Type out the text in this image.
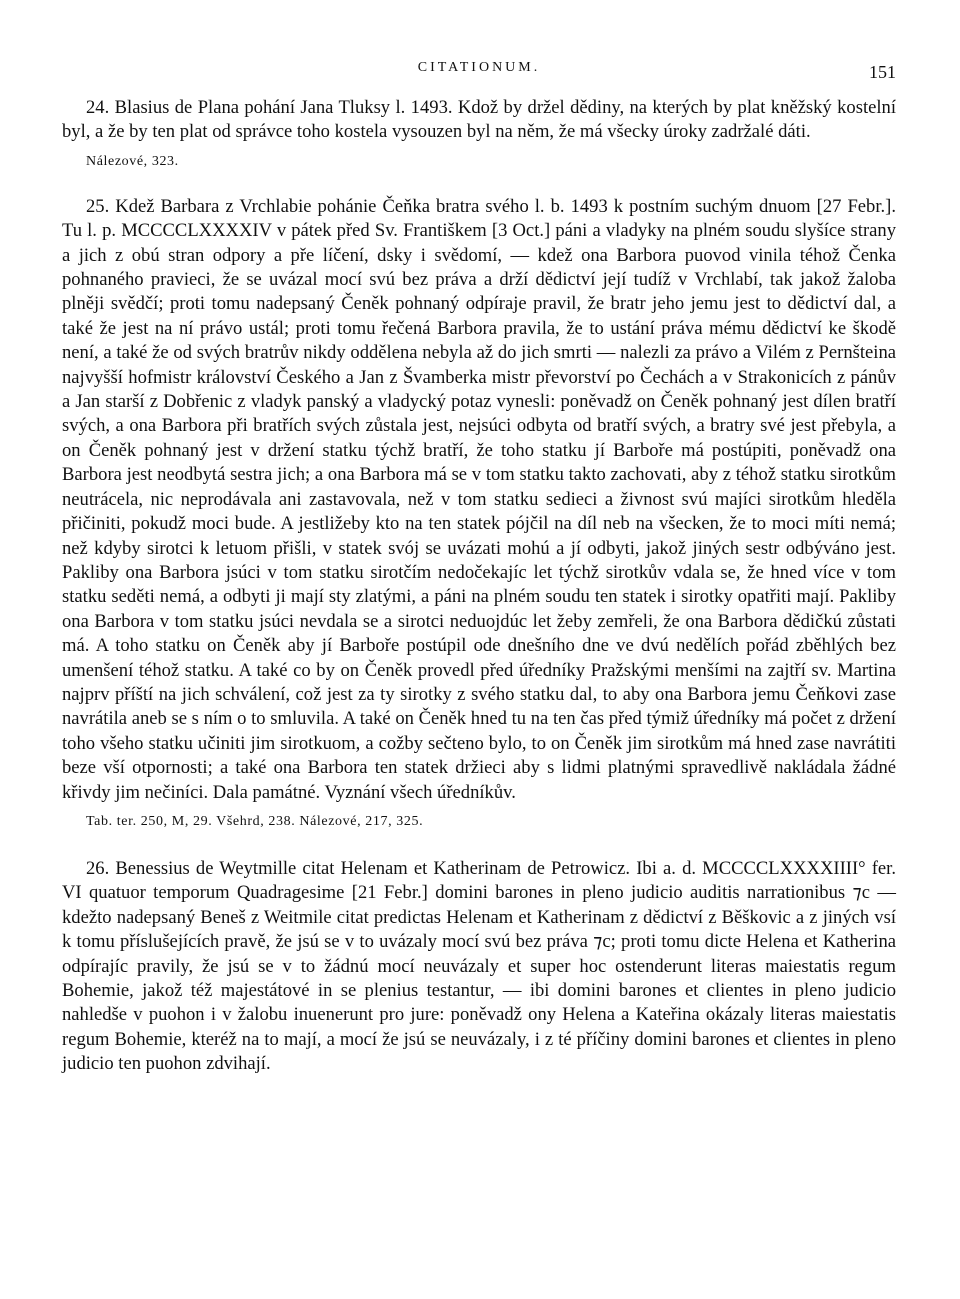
CITATIONUM.	151

24. Blasius de Plana pohání Jana Tluksy l. 1493. Kdož by držel dědiny, na kterých by plat kněžský kostelní byl, a že by ten plat od správce toho kostela vysouzen byl na něm, že má všecky úroky zadržalé dáti.

Nálezové, 323.

25. Kdež Barbara z Vrchlabie pohánie Čeňka bratra svého l. b. 1493 k postním suchým dnuom [27 Febr.]. Tu l. p. MCCCCLXXXXIV v pátek před Sv. Františkem [3 Oct.] páni a vladyky na plném soudu slyšíce strany a jich z obú stran odpory a pře líčení, dsky i svědomí, — kdež ona Barbora puovod vinila téhož Čenka pohnaného pravieci, že se uvázal mocí svú bez práva a drží dědictví její tudíž v Vrchlabí, tak jakož žaloba plněji svědčí; proti tomu nadepsaný Čeněk pohnaný odpíraje pravil, že bratr jeho jemu jest to dědictví dal, a také že jest na ní právo ustál; proti tomu řečená Barbora pravila, že to ustání práva mému dědictví ke škodě není, a také že od svých bratrův nikdy oddělena nebyla až do jich smrti — nalezli za právo a Vilém z Pernšteina najvyšší hofmistr království Českého a Jan z Švamberka mistr převorství po Čechách a v Strakonicích z pánův a Jan starší z Dobřenic z vladyk panský a vladycký potaz vynesli: poněvadž on Čeněk pohnaný jest dílen bratří svých, a ona Barbora při bratřích svých zůstala jest, nejsúci odbyta od bratří svých, a bratry své jest přebyla, a on Čeněk pohnaný jest v držení statku týchž bratří, že toho statku jí Barboře má postúpiti, poněvadž ona Barbora jest neodbytá sestra jich; a ona Barbora má se v tom statku takto zachovati, aby z téhož statku sirotkům neutrácela, nic neprodávala ani zastavovala, než v tom statku sedieci a živnost svú majíci sirotkům hleděla přičiniti, pokudž moci bude. A jestližeby kto na ten statek pójčil na díl neb na všecken, že to moci míti nemá; než kdyby sirotci k letuom přišli, v statek svój se uvázati mohú a jí odbyti, jakož jiných sestr odbýváno jest. Pakliby ona Barbora jsúci v tom statku sirotčím nedočekajíc let týchž sirotkův vdala se, že hned více v tom statku seděti nemá, a odbyti ji mají sty zlatými, a páni na plném soudu ten statek i sirotky opatřiti mají. Pakliby ona Barbora v tom statku jsúci nevdala se a sirotci neduojdúc let žeby zemřeli, že ona Barbora dědičkú zůstati má. A toho statku on Čeněk aby jí Barboře postúpil ode dnešního dne ve dvú nedělích pořád zběhlých bez umenšení téhož statku. A také co by on Čeněk provedl před úředníky Pražskými menšími na zajtří sv. Martina najprv příští na jich schválení, což jest za ty sirotky z svého statku dal, to aby ona Barbora jemu Čeňkovi zase navrátila aneb se s ním o to smluvila. A také on Čeněk hned tu na ten čas před týmiž úředníky má počet z držení toho všeho statku učiniti jim sirotkuom, a cožby sečteno bylo, to on Čeněk jim sirotkům má hned zase navrátiti beze vší otpornosti; a také ona Barbora ten statek držieci aby s lidmi platnými spravedlivě nakládala žádné křivdy jim nečiníci. Dala památné. Vyznání všech úředníkův.

Tab. ter. 250, M, 29. Všehrd, 238. Nálezové, 217, 325.

26. Benessius de Weytmille citat Helenam et Katherinam de Petrowicz. Ibi a. d. MCCCCLXXXXIIII° fer. VI quatuor temporum Quadragesime [21 Febr.] domini barones in pleno judicio auditis narrationibus ⁊c — kdežto nadepsaný Beneš z Weitmile citat predictas Helenam et Katherinam z dědictví z Běškovic a z jiných vsí k tomu příslušejících pravě, že jsú se v to uvázaly mocí svú bez práva ⁊c; proti tomu dicte Helena et Katherina odpírajíc pravily, že jsú se v to žádnú mocí neuvázaly et super hoc ostenderunt literas maiestatis regum Bohemie, jakož též majestátové in se plenius testantur, — ibi domini barones et clientes in pleno judicio nahledše v puohon i v žalobu inuenerunt pro jure: poněvadž ony Helena a Kateřina okázaly literas maiestatis regum Bohemie, kteréž na to mají, a mocí že jsú se neuvázaly, i z té příčiny domini barones et clientes in pleno judicio ten puohon zdvihají.
